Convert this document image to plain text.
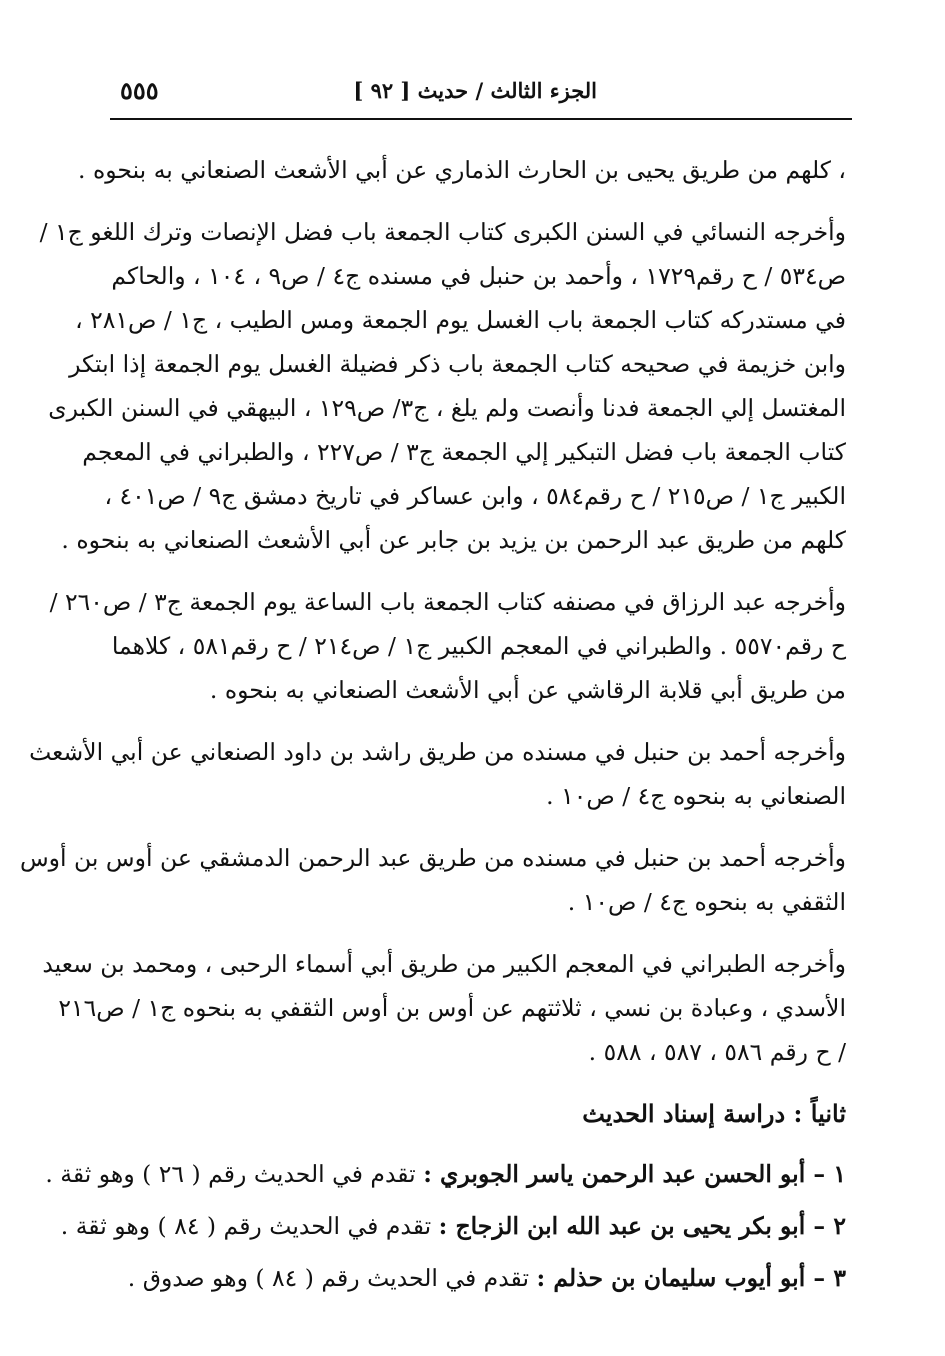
الجزء الثالث / حديث [ ٩٢ ]
٥٥٥
، كلهم من طريق يحيى بن الحارث الذماري عن أبي الأشعث الصنعاني به بنحوه .
وأخرجه النسائي في السنن الكبرى كتاب الجمعة باب فضل الإنصات وترك اللغو ج١ /
ص٥٣٤ / ح رقم١٧٢٩ ، وأحمد بن حنبل في مسنده ج٤ / ص٩ ، ١٠٤ ، والحاكم
في مستدركه كتاب الجمعة باب الغسل يوم الجمعة ومس الطيب ، ج١ / ص٢٨١ ،
وابن خزيمة في صحيحه كتاب الجمعة باب ذكر فضيلة الغسل يوم الجمعة إذا ابتكر
المغتسل إلي الجمعة فدنا وأنصت ولم يلغ ، ج٣/ ص١٢٩ ، البيهقي في السنن الكبرى
كتاب الجمعة باب فضل التبكير إلي الجمعة ج٣ / ص٢٢٧ ، والطبراني في المعجم
الكبير ج١ / ص٢١٥ / ح رقم٥٨٤ ، وابن عساكر في تاريخ دمشق ج٩ / ص٤٠١ ،
كلهم من طريق عبد الرحمن بن يزيد بن جابر عن أبي الأشعث الصنعاني به بنحوه .
وأخرجه عبد الرزاق في مصنفه كتاب الجمعة باب الساعة يوم الجمعة ج٣ / ص٢٦٠ /
ح رقم٥٥٧٠ . والطبراني في المعجم الكبير ج١ / ص٢١٤ / ح رقم٥٨١ ، كلاهما
من طريق أبي قلابة الرقاشي عن أبي الأشعث الصنعاني به بنحوه .
وأخرجه أحمد بن حنبل في مسنده من طريق راشد بن داود الصنعاني عن أبي الأشعث
الصنعاني به بنحوه ج٤ / ص١٠ .
وأخرجه أحمد بن حنبل في مسنده من طريق عبد الرحمن الدمشقي عن أوس بن أوس
الثقفي به بنحوه ج٤ / ص١٠ .
وأخرجه الطبراني في المعجم الكبير من طريق أبي أسماء الرحبى ، ومحمد بن سعيد
الأسدي ، وعبادة بن نسي ، ثلاثتهم عن أوس بن أوس الثقفي به بنحوه ج١ / ص٢١٦
/ ح رقم ٥٨٦ ، ٥٨٧ ، ٥٨٨ .
ثانياً : دراسة إسناد الحديث
١ – أبو الحسن عبد الرحمن ياسر الجوبري : تقدم في الحديث رقم ( ٢٦ ) وهو ثقة .
٢ – أبو بكر يحيى بن عبد الله ابن الزجاج : تقدم في الحديث رقم ( ٨٤ ) وهو ثقة .
٣ – أبو أيوب سليمان بن حذلم : تقدم في الحديث رقم ( ٨٤ ) وهو صدوق .
